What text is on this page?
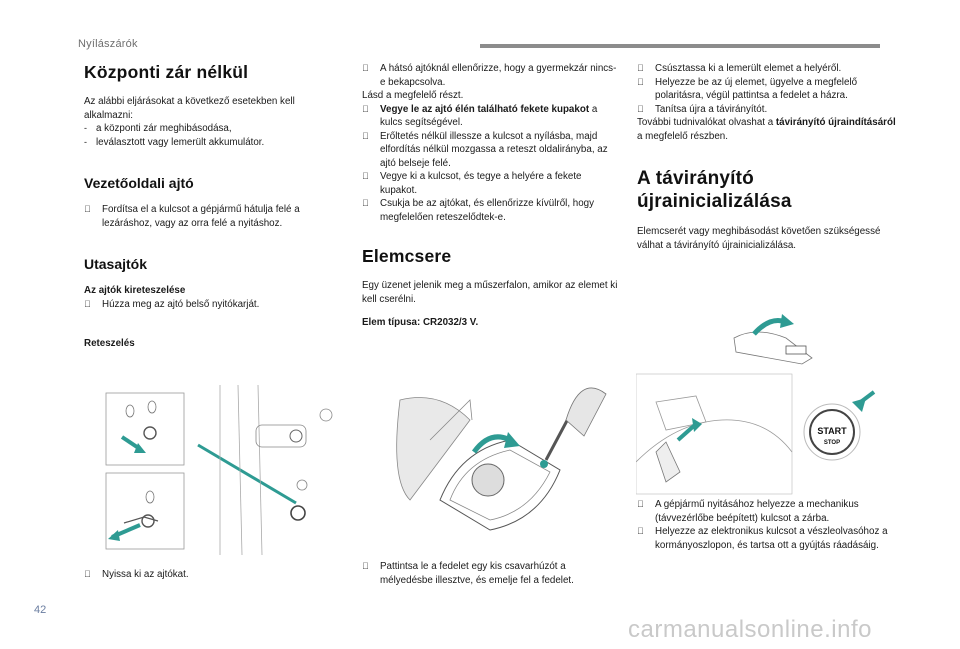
Nyílászárók
Központi zár nélkül

Az alábbi eljárásokat a következő esetekben kell alkalmazni:

- a központi zár meghibásodása,
- leválasztott vagy lemerült akkumulátor.
Vezetőoldali ajtó
Fordítsa el a kulcsot a gépjármű hátulja felé a lezáráshoz, vagy az orra felé a nyitáshoz.
Utasajtók

Az ajtók kireteszelése

Húzza meg az ajtó belső nyitókarját.

Reteszelés

Nyissa ki az ajtókat.
A hátsó ajtóknál ellenőrizze, hogy a gyermekzár nincs-e bekapcsolva.

Lásd a megfelelő részt.

Vegye le az ajtó élén található fekete kupakot a kulcs segítségével.
Erőltetés nélkül illessze a kulcsot a nyílásba, majd elfordítás nélkül mozgassa a reteszt oldalirányba, az ajtó belseje felé.
Vegye ki a kulcsot, és tegye a helyére a fekete kupakot.
Csukja be az ajtókat, és ellenőrizze kívülről, hogy megfelelően reteszelődtek-e.
Elemcsere

Egy üzenet jelenik meg a műszerfalon, amikor az elemet ki kell cserélni.

Elem típusa: CR2032/3 V.

Pattintsa le a fedelet egy kis csavarhúzót a mélyedésbe illesztve, és emelje fel a fedelet.
Csúsztassa ki a lemerült elemet a helyéről.
Helyezze be az új elemet, ügyelve a megfelelő polaritásra, végül pattintsa a fedelet a házra.
Tanítsa újra a távirányítót.

További tudnivalókat olvashat a távirányító újraindításáról a megfelelő részben.

A távirányító
újrainicializálása

Elemcserét vagy meghibásodást követően szükségessé válhat a távirányító újrainicializálása.

START
STOP
A gépjármű nyitásához helyezze a mechanikus (távvezérlőbe beépített) kulcsot a zárba.
Helyezze az elektronikus kulcsot a vészleolvasóhoz a kormányoszlopon, és tartsa ott a gyújtás ráadásáig.
42
carmanualsonline.info
